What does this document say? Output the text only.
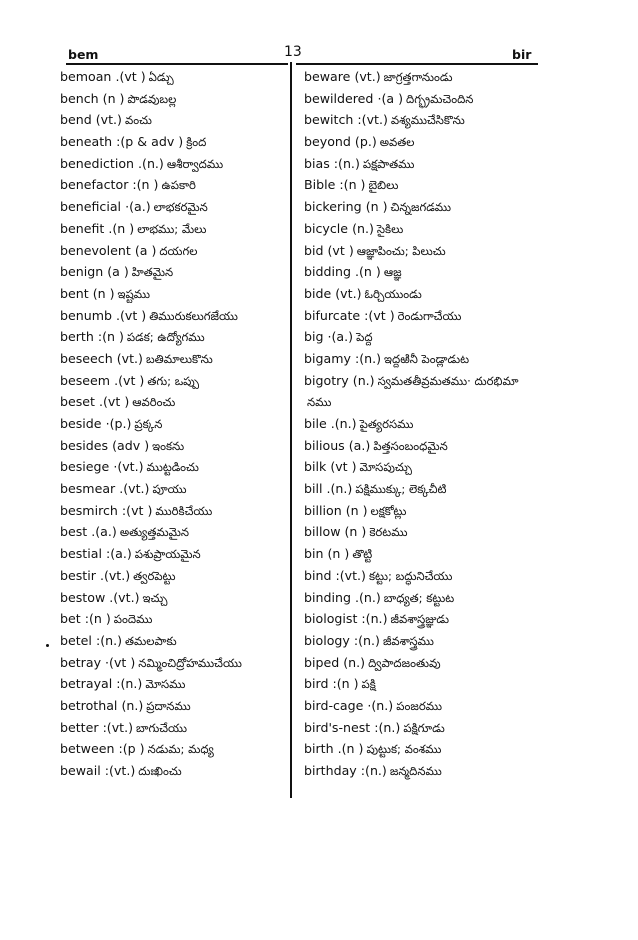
bem	13	bir
bemoan .(vt ) ఏడ్చు
bench (n ) పొడవుబల్ల
bend (vt.) వంచు
beneath :(p & adv ) క్రింద
benediction .(n.) ఆశీర్వాదము
benefactor :(n ) ఉపకారి
beneficial ·(a.) లాభకరమైన
benefit .(n ) లాభము; మేలు
benevolent (a ) దయగల
benign (a ) హితమైన
bent (n ) ఇష్టము
benumb .(vt ) తిమురుకలుగజేయు
berth :(n ) పడక; ఉద్యోగము
beseech (vt.) బతిమాలుకొను
beseem .(vt ) తగు; ఒప్పు
beset .(vt ) ఆవరించు
beside ·(p.) ప్రక్కన
besides (adv ) ఇంకను
besiege ·(vt.) ముట్టడించు
besmear .(vt.) పూయు
besmirch :(vt ) మురికిచేయు
best .(a.) అత్యుత్తమమైన
bestial :(a.) పశుప్రాయమైన
bestir .(vt.) త్వరపెట్టు
bestow .(vt.) ఇచ్చు
bet :(n ) పందెము
betel :(n.) తమలపాకు
betray ·(vt ) నమ్మించిద్రోహముచేయు
betrayal :(n.) మోసము
betrothal (n.) ప్రదానము
better :(vt.) బాగుచేయు
between :(p ) నడుమ; మధ్య
bewail :(vt.) దుఃఖించు
beware (vt.) జాగ్రత్తగానుండు
bewildered ·(a ) దిగ్భ్రమచెందిన
bewitch :(vt.) వశ్యముచేసికొను
beyond (p.) అవతల
bias :(n.) పక్షపాతము
Bible :(n ) బైబిలు
bickering (n ) చిన్నజగడము
bicycle (n.) సైకిలు
bid (vt ) ఆజ్ఞాపించు; పిలుచు
bidding .(n ) ఆజ్ఞ
bide (vt.) ఓర్చియుండు
bifurcate :(vt ) రెండుగాచేయు
big ·(a.) పెద్ద
bigamy :(n.) ఇద్దఱినీ పెండ్లాడుట
bigotry (n.) స్వమతతీవ్రమతము· దురభిమా
నము
bile .(n.) పైత్యరసము
bilious (a.) పిత్తసంబంధమైన
bilk (vt ) మోసపుచ్చు
bill .(n.) పక్షిముక్కు; లెక్కచీటి
billion (n ) లక్షకోట్లు
billow (n ) కెరటము
bin (n ) తొట్టి
bind :(vt.) కట్టు; బద్ధునిచేయు
binding .(n.) బాధ్యత; కట్టుట
biologist :(n.) జీవశాస్త్రజ్ఞుడు
biology :(n.) జీవశాస్త్రము
biped (n.) ద్విపాదజంతువు
bird :(n ) పక్షి
bird-cage ·(n.) పంజరము
bird's-nest :(n.) పక్షిగూడు
birth .(n ) పుట్టుక; వంశము
birthday :(n.) జన్మదినము
